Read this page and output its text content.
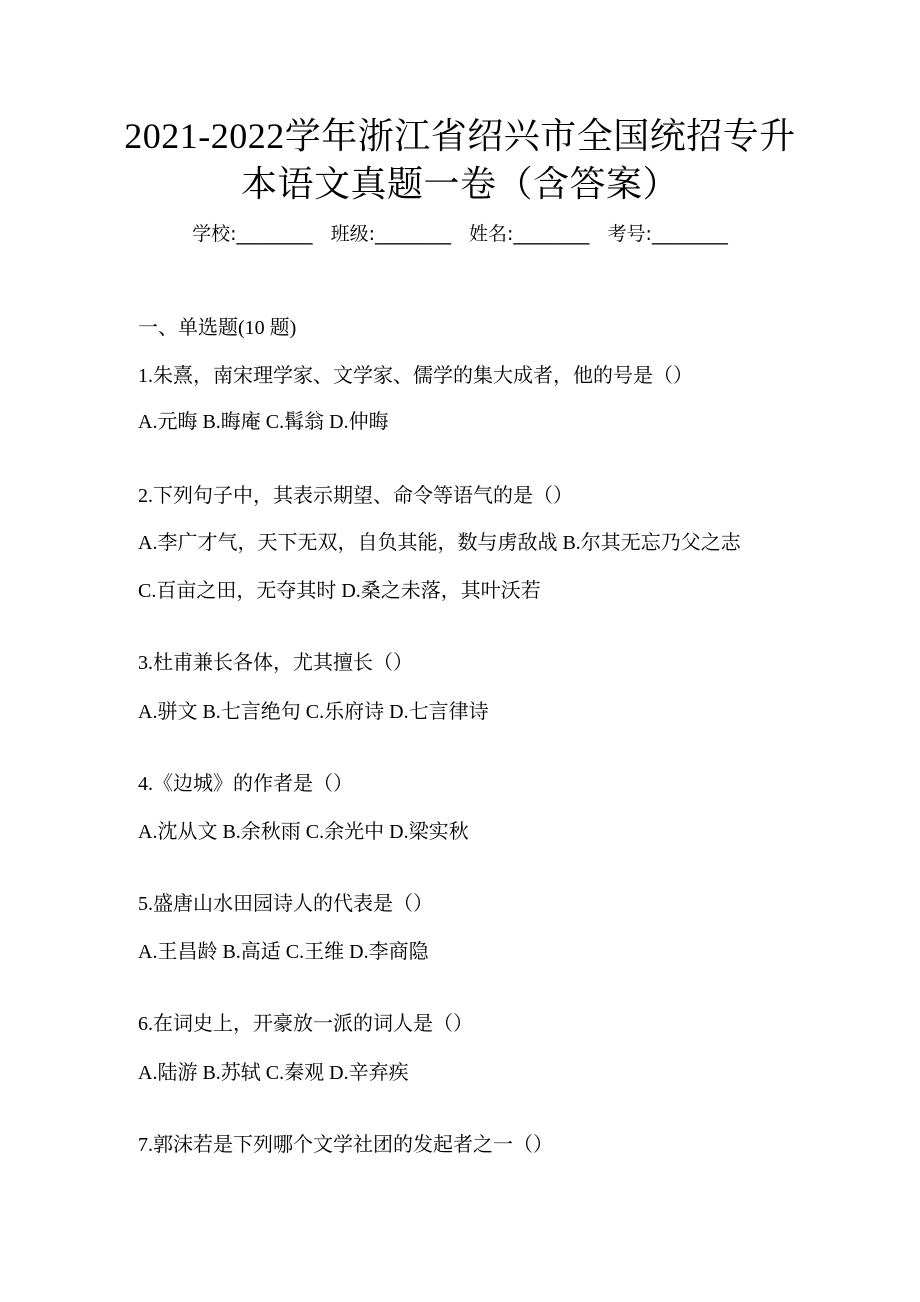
2021-2022学年浙江省绍兴市全国统招专升
本语文真题一卷（含答案）
学校:________ 班级:________ 姓名:________ 考号:________
一、单选题(10 题)
1.朱熹，南宋理学家、文学家、儒学的集大成者，他的号是（）
A.元晦 B.晦庵 C.髯翁 D.仲晦
2.下列句子中，其表示期望、命令等语气的是（）
A.李广才气，天下无双，自负其能，数与虏敌战 B.尔其无忘乃父之志
C.百亩之田，无夺其时 D.桑之未落，其叶沃若
3.杜甫兼长各体，尤其擅长（）
A.骈文 B.七言绝句 C.乐府诗 D.七言律诗
4.《边城》的作者是（）
A.沈从文 B.余秋雨 C.余光中 D.梁实秋
5.盛唐山水田园诗人的代表是（）
A.王昌龄 B.高适 C.王维 D.李商隐
6.在词史上，开豪放一派的词人是（）
A.陆游 B.苏轼 C.秦观 D.辛弃疾
7.郭沫若是下列哪个文学社团的发起者之一（）
